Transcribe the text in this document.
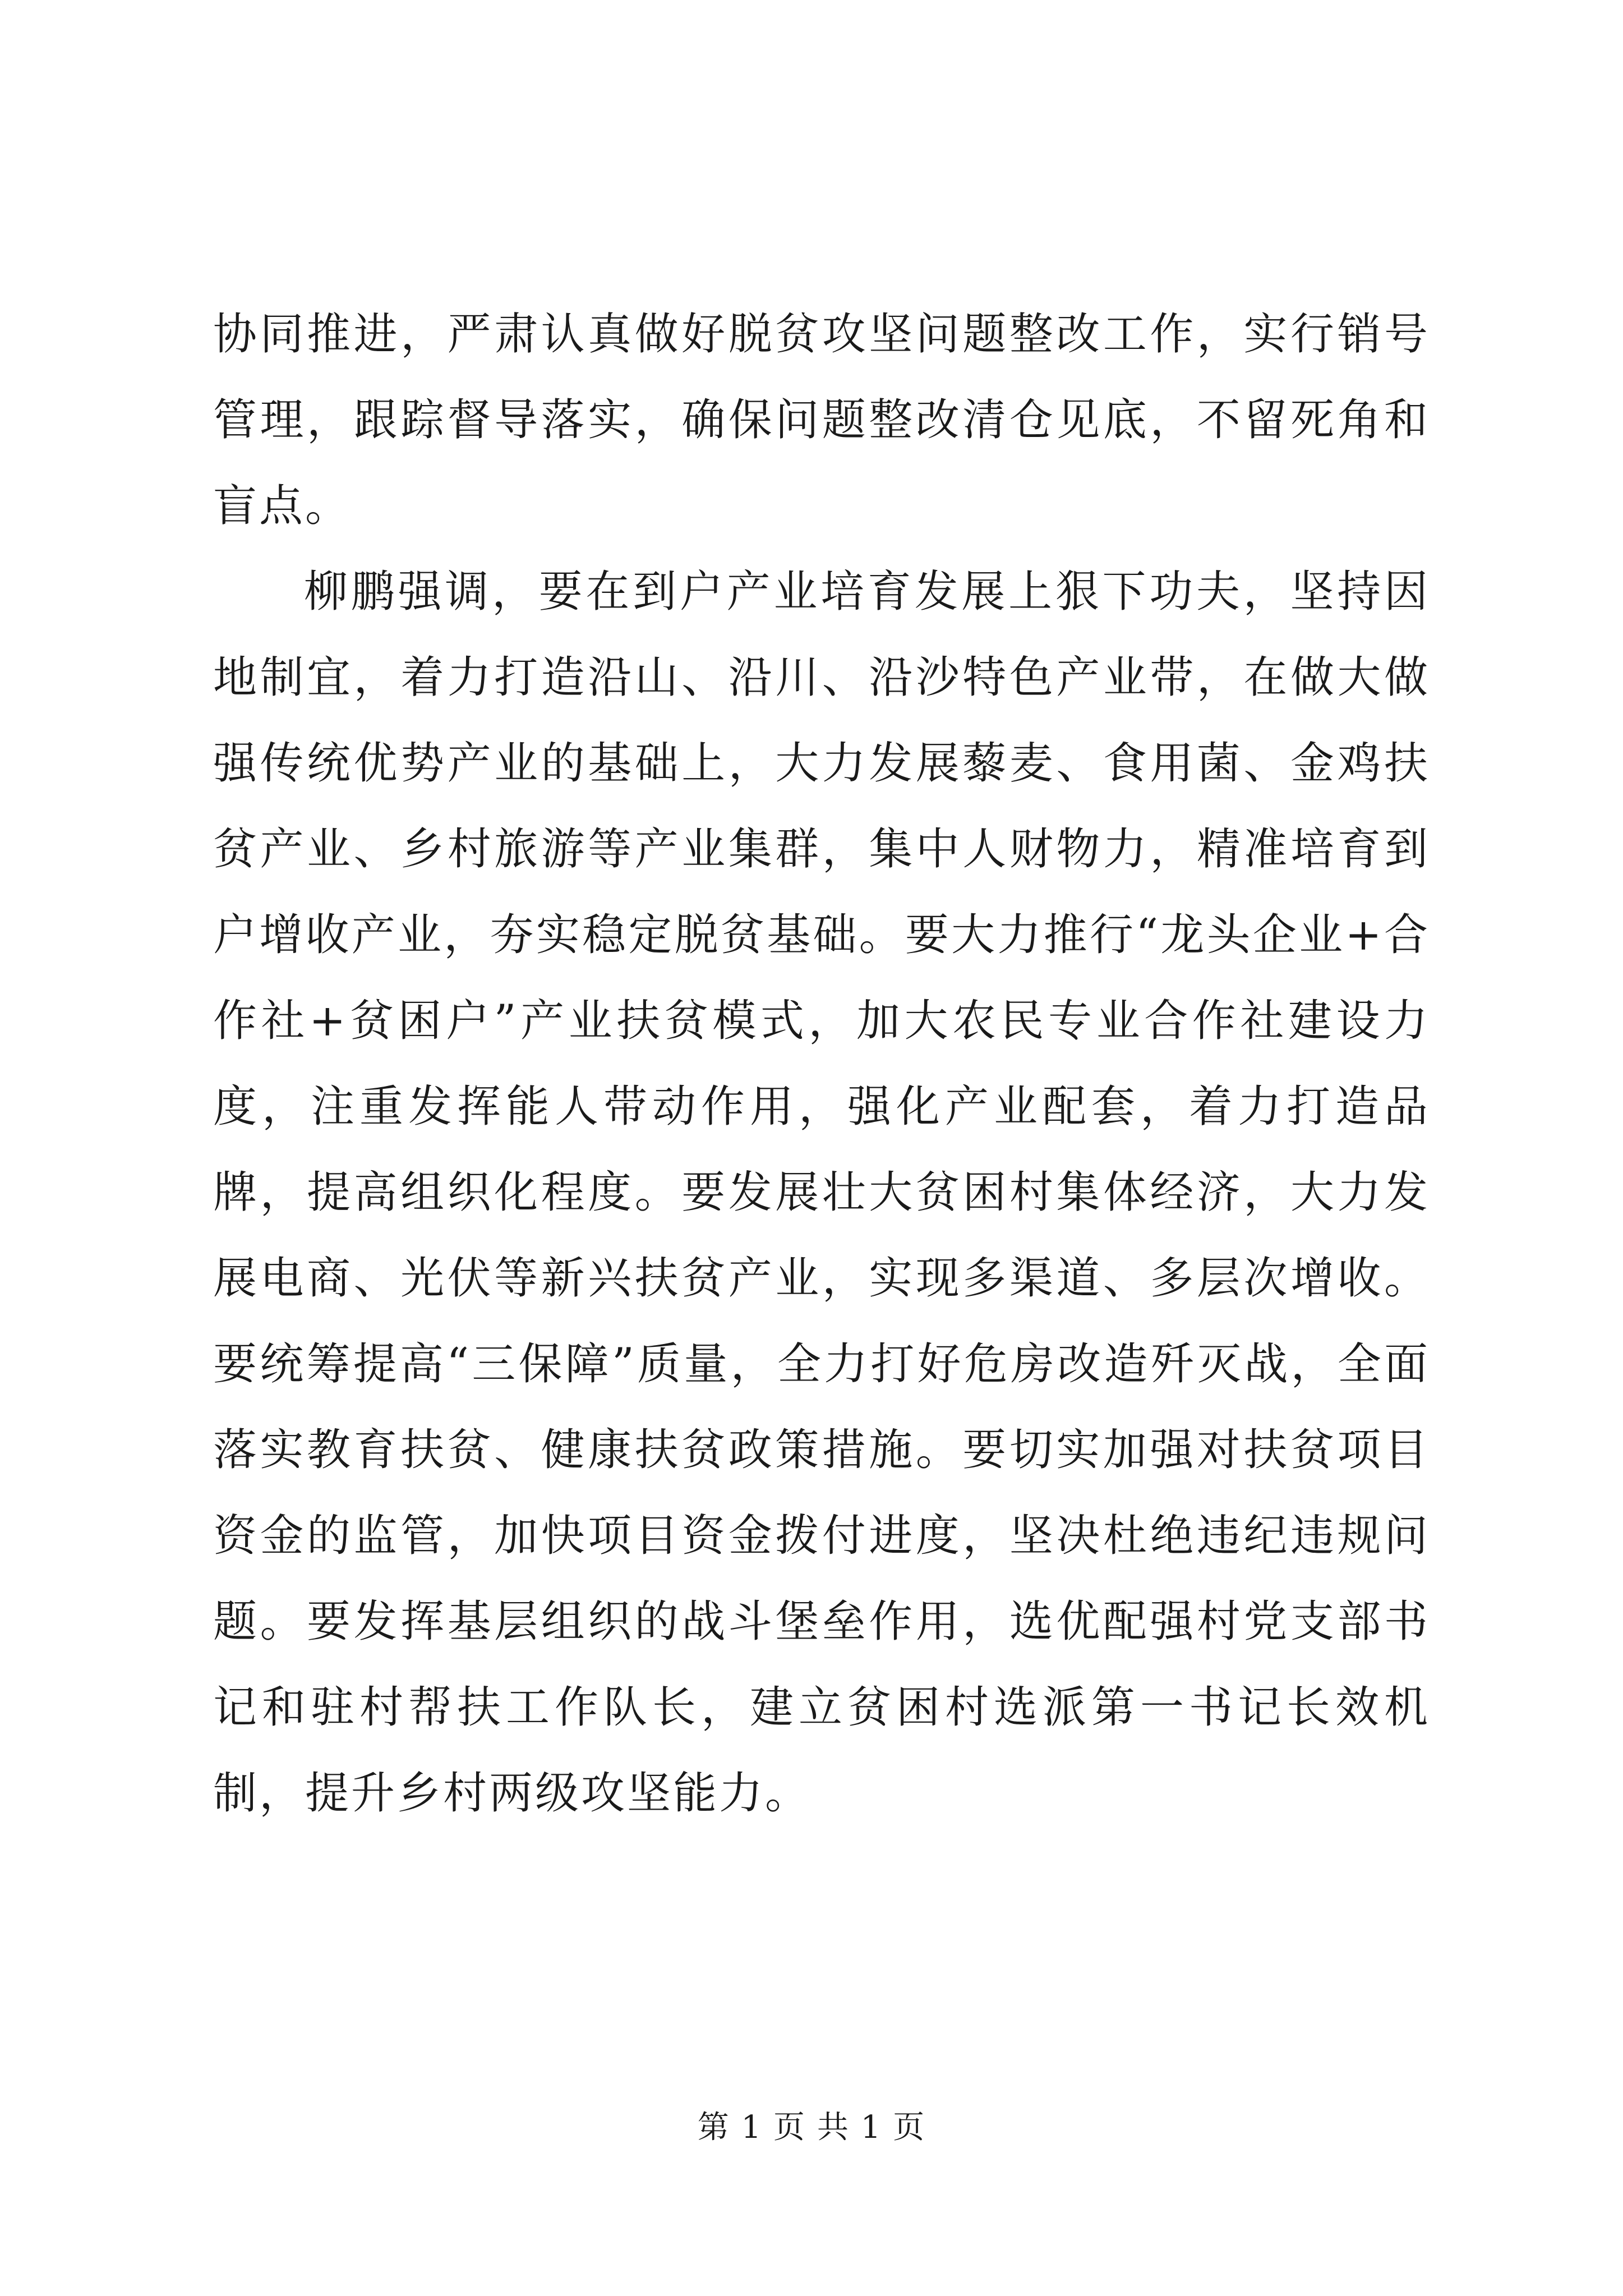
协同推进，严肃认真做好脱贫攻坚问题整改工作，实行销号管理，跟踪督导落实，确保问题整改清仓见底，不留死角和盲点。

柳鹏强调，要在到户产业培育发展上狠下功夫，坚持因地制宜，着力打造沿山、沿川、沿沙特色产业带，在做大做强传统优势产业的基础上，大力发展藜麦、食用菌、金鸡扶贫产业、乡村旅游等产业集群，集中人财物力，精准培育到户增收产业，夯实稳定脱贫基础。要大力推行“龙头企业+合作社+贫困户”产业扶贫模式，加大农民专业合作社建设力度，注重发挥能人带动作用，强化产业配套，着力打造品牌，提高组织化程度。要发展壮大贫困村集体经济，大力发展电商、光伏等新兴扶贫产业，实现多渠道、多层次增收。要统筹提高“三保障”质量，全力打好危房改造歼灭战，全面落实教育扶贫、健康扶贫政策措施。要切实加强对扶贫项目资金的监管，加快项目资金拨付进度，坚决杜绝违纪违规问题。要发挥基层组织的战斗堡垒作用，选优配强村党支部书记和驻村帮扶工作队长，建立贫困村选派第一书记长效机制，提升乡村两级攻坚能力。

第 1 页 共 1 页
